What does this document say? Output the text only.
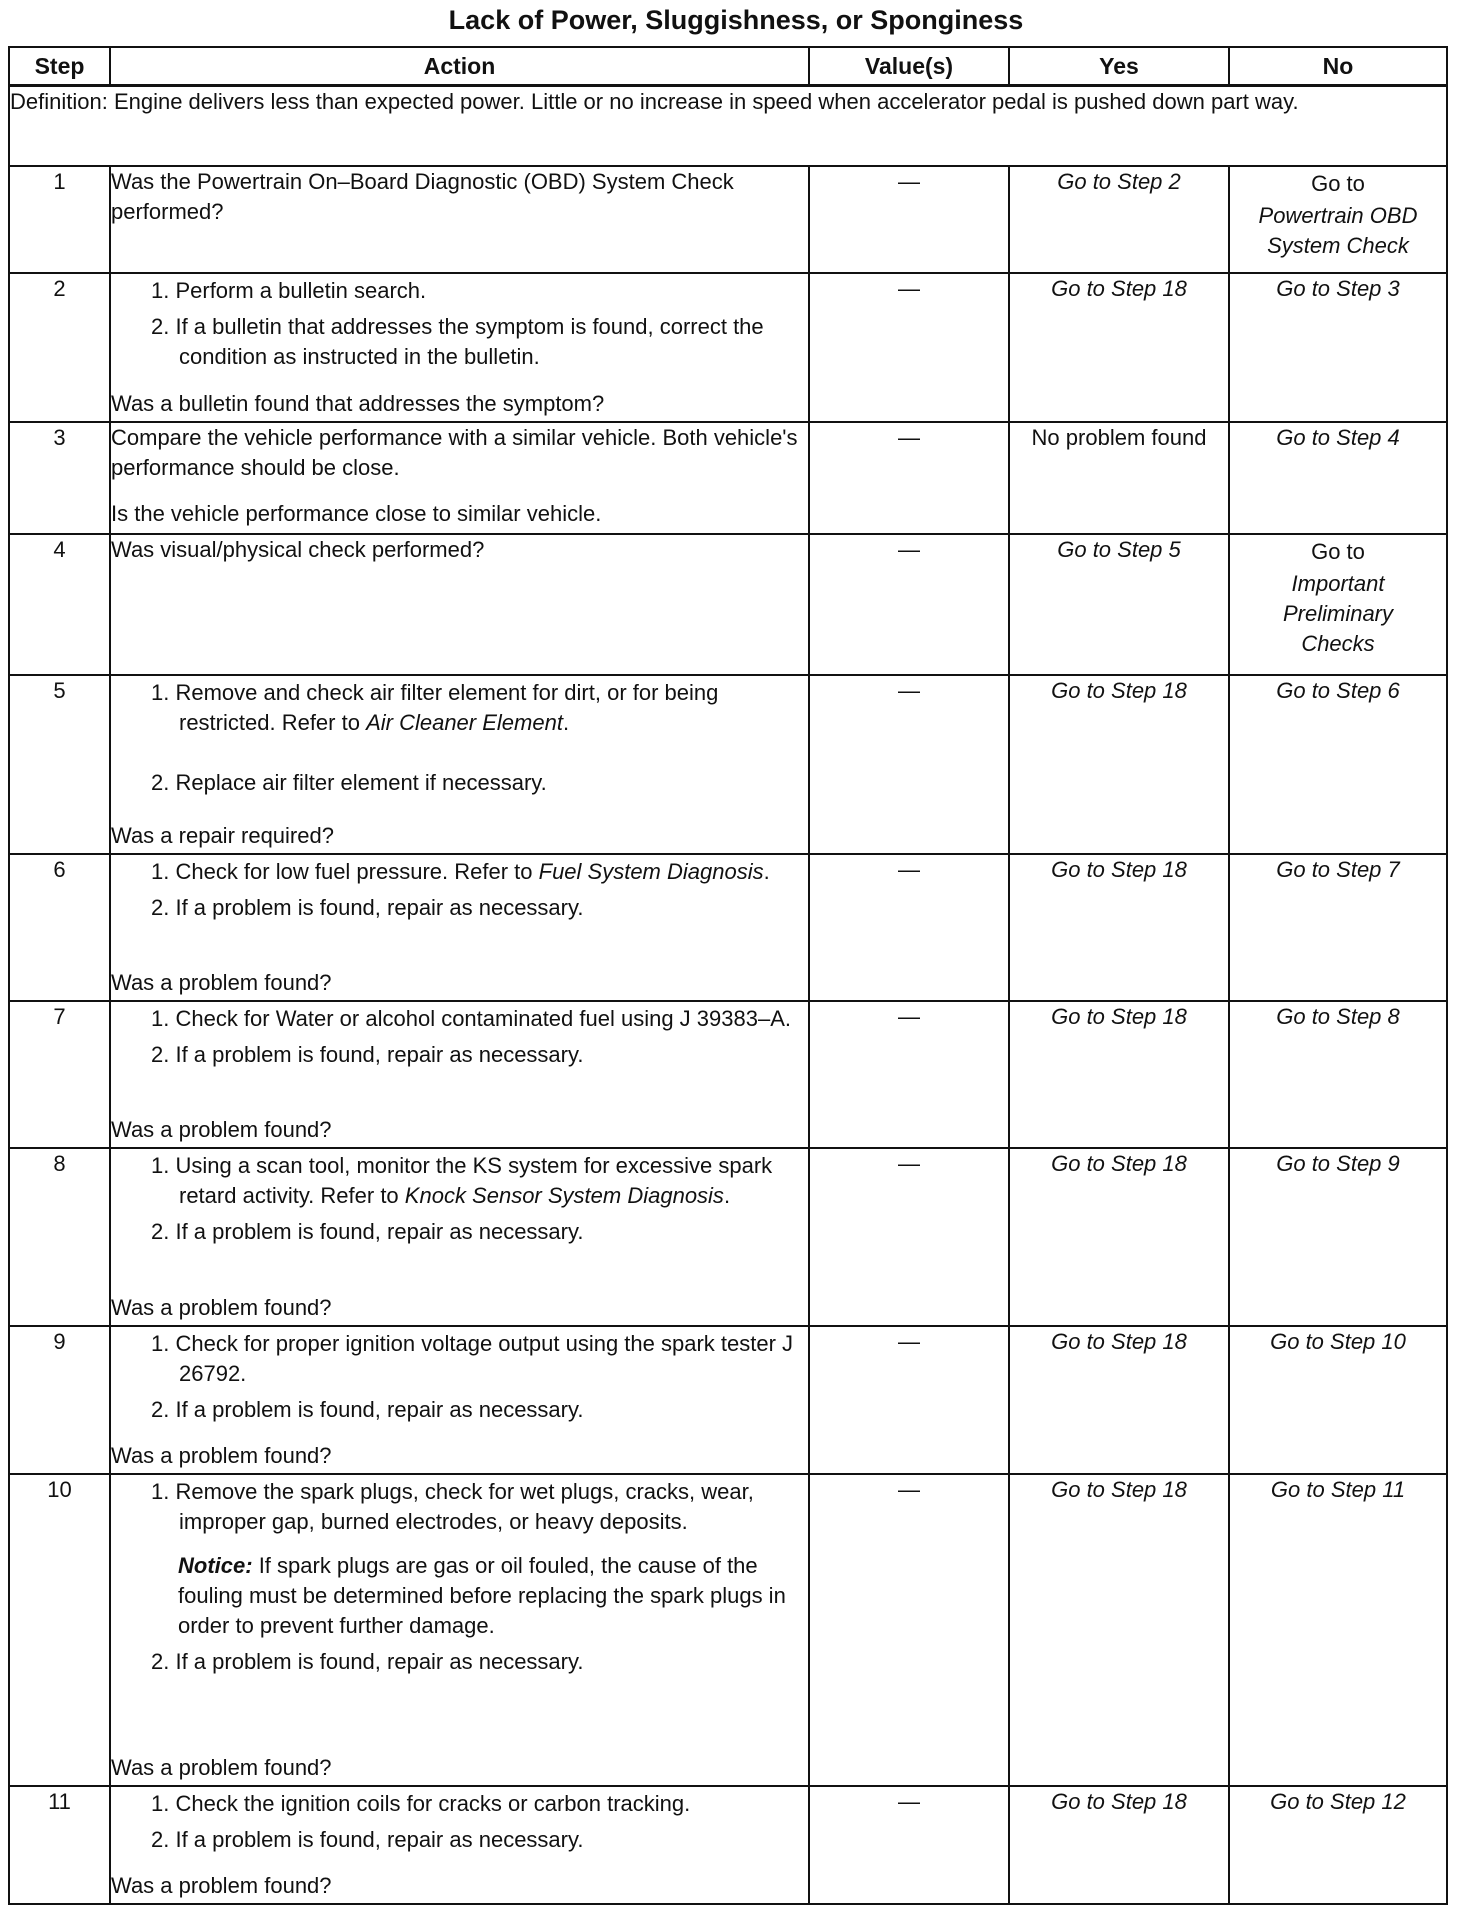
Lack of Power, Sluggishness, or Sponginess
Step	Action	Value(s)	Yes	No
Definition: Engine delivers less than expected power. Little or no increase in speed when accelerator pedal is pushed down part way.				
1	Was the Powertrain On–Board Diagnostic (OBD) System Check performed?	—	Go to Step 2	Go to
Powertrain OBD System Check

2	1. Perform a bulletin search.
2. If a bulletin that addresses the symptom is found, correct the condition as instructed in the bulletin.
Was a bulletin found that addresses the symptom?	—	Go to Step 18	Go to Step 3
3	Compare the vehicle performance with a similar vehicle. Both vehicle's performance should be close.
Is the vehicle performance close to similar vehicle.	—	No problem found	Go to Step 4
4	Was visual/physical check performed?	—	Go to Step 5	Go to
Important Preliminary Checks

5	1. Remove and check air filter element for dirt, or for being restricted. Refer to Air Cleaner Element.
2. Replace air filter element if necessary.
Was a repair required?	—	Go to Step 18	Go to Step 6
6	1. Check for low fuel pressure. Refer to Fuel System Diagnosis.
2. If a problem is found, repair as necessary.
Was a problem found?	—	Go to Step 18	Go to Step 7
7	1. Check for Water or alcohol contaminated fuel using J 39383–A.
2. If a problem is found, repair as necessary.
Was a problem found?	—	Go to Step 18	Go to Step 8
8	1. Using a scan tool, monitor the KS system for excessive spark retard activity. Refer to Knock Sensor System Diagnosis.
2. If a problem is found, repair as necessary.
Was a problem found?	—	Go to Step 18	Go to Step 9
9	1. Check for proper ignition voltage output using the spark tester J 26792.
2. If a problem is found, repair as necessary.
Was a problem found?	—	Go to Step 18	Go to Step 10
10	1. Remove the spark plugs, check for wet plugs, cracks, wear, improper gap, burned electrodes, or heavy deposits.
Notice: If spark plugs are gas or oil fouled, the cause of the fouling must be determined before replacing the spark plugs in order to prevent further damage.
2. If a problem is found, repair as necessary.
Was a problem found?	—	Go to Step 18	Go to Step 11
11	1. Check the ignition coils for cracks or carbon tracking.
2. If a problem is found, repair as necessary.
Was a problem found?	—	Go to Step 18	Go to Step 12
